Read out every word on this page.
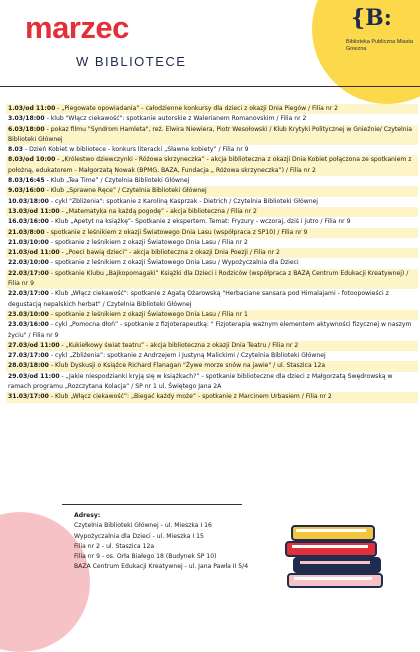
{B:
Biblioteka Publiczna Miasta Gniezna
marzec
W BIBLIOTECE
1.03/od 11:00 - „Piegowate opowiadania” - całodzienne konkursy dla dzieci z okazji Dnia Piegów / Filia nr 2
3.03/18:00 - klub "Włącz ciekawość": spotkanie autorskie z Walerianem Romanovskim / Filia nr 2
6.03/18:00 - pokaz filmu "Syndrom Hamleta", reż. Elwira Niewiera, Piotr Wesołowski / Klub Krytyki Politycznej w Gnieźnie/ Czytelnia Biblioteki Głównej
8.03 - Dzień Kobiet w bibliotece - konkurs literacki „Sławne kobiety” / Filia nr 9
8.03/od 10:00 - „Królestwo dziewczynki - Różowa skrzyneczka” - akcja biblioteczna z okazji Dnia Kobiet połączona ze spotkaniem z położną, edukatorem - Małgorzatą Nowak (BPMG, BAZA, Fundacja „ Różowa skrzyneczka”) / Filia nr 2
8.03/16:45 - Klub „Tea Time” / Czytelnia Biblioteki Głównej
9.03/16:00 - Klub „Sprawne Ręce” / Czytelnia Biblioteki Głównej
10.03/18:00 - cykl "Zbliżenia": spotkanie z Karoliną Kasprzak - Dietrich / Czytelnia Biblioteki Głównej
13.03/od 11:00 - „Matematyka na każdą pogodę” - akcja biblioteczna / Filia nr 2
16.03/16:00 - Klub „Apetyt na książkę”- Spotkanie z ekspertem. Temat: Fryzury - wczoraj, dziś i jutro / Filia nr 9
21.03/8:00 - spotkanie z leśnikiem z okazji Światowego Dnia Lasu (współpraca z SP10) / Filia nr 9
21.03/10:00 - spotkanie z leśnikiem z okazji Światowego Dnia Lasu / Filia nr 2
21.03/od 11:00 - „Poeci bawią dzieci” - akcja biblioteczna z okazji Dnia Poezji / Filia nr 2
22.03/10:00 - spotkanie z leśnikiem z okazji Światowego Dnia Lasu / Wypożyczalnia dla Dzieci
22.03/17:00 - spotkanie Klubu „Bajkopomagaki” Książki dla Dzieci i Rodziców (współpraca z BAZĄ Centrum Edukacji Kreatywnej) / Filia nr 9
22.03/17:00 - Klub „Włącz ciekawość": spotkanie z Agatą Ożarowską "Herbaciane sansara pod Himalajami - fotoopowieści z degustacją nepalskich herbat" / Czytelnia Biblioteki Głównej
23.03/10:00 - spotkanie z leśnikiem z okazji Światowego Dnia Lasu / Filia nr 1
23.03/16:00 - cykl „Pomocna dłoń” - spotkanie z fizjoterapeutką: " Fizjoterapia ważnym elementem aktywności fizycznej w naszym życiu" / Filia nr 9
27.03/od 11:00 - „Kukiełkowy świat teatru” - akcja biblioteczna z okazji Dnia Teatru / Filia nr 2
27.03/17:00 - cykl „Zbliżenia”: spotkanie z Andrzejem i Justyną Malickimi / Czytelnia Biblioteki Głównej
28.03/18:00 - Klub Dyskusji o Książce Richard Flanagan "Żywe morze snów na jawie" / ul. Staszica 12a
29.03/od 11:00 - „Jakie niespodzianki kryją się w książkach?” - spotkanie biblioteczne dla dzieci z Małgorzatą Swędrowską w ramach programu „Rozczytana Kolacja” / SP nr 1 ul. Świętego Jana 2A
31.03/17:00 - Klub „Włącz ciekawość”: „Biegać każdy może” - spotkanie z Marcinem Urbasiem / Filia nr 2
Adresy:
Czytelnia Biblioteki Głównej - ul. Mieszka I 16
Wypożyczalnia dla Dzieci - ul. Mieszka I 15
Filia nr 2 - ul. Staszica 12a
Filia nr 9 - os. Orła Białego 18 (Budynek SP 10)
BAZA Centrum Edukacji Kreatywnej - ul. Jana Pawła II 5/4
